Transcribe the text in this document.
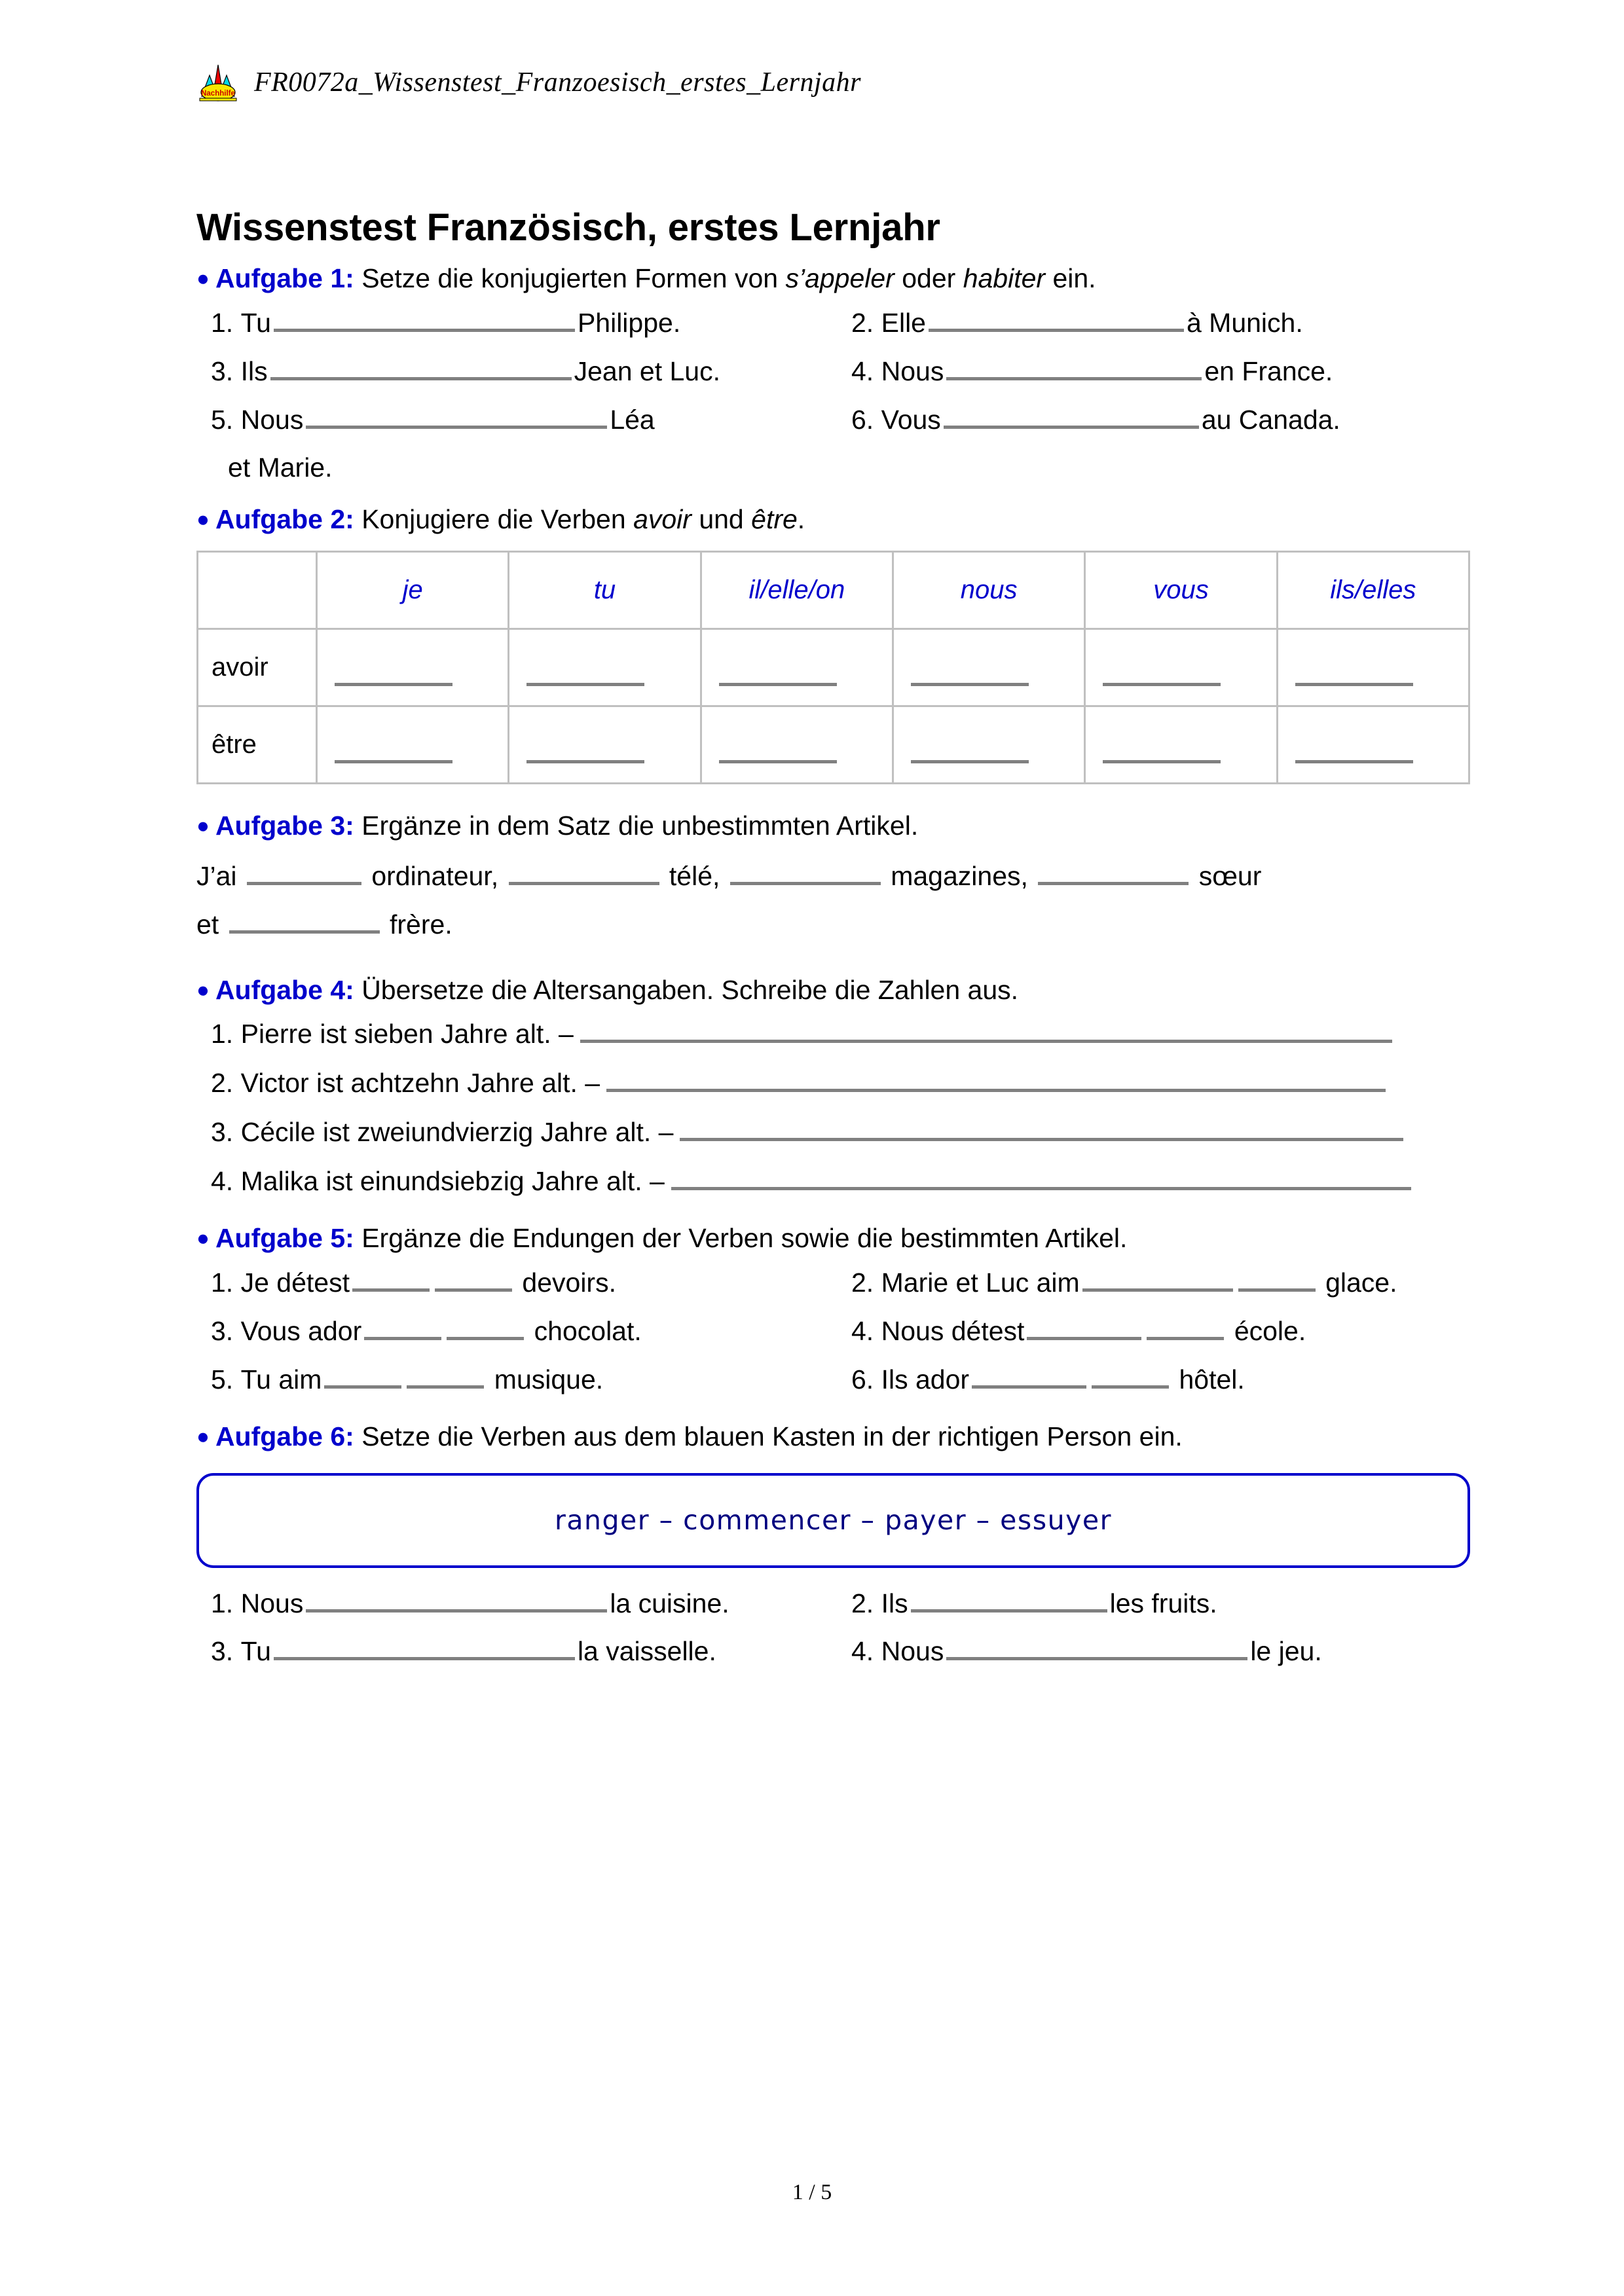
Nachhilfe FR0072a_Wissenstest_Franzoesisch_erstes_Lernjahr
Wissenstest Französisch, erstes Lernjahr

● Aufgabe 1: Setze die konjugierten Formen von s’appeler oder habiter ein.

1.
Tu	Philippe.	2.
Elle	à Munich.
3.
Ils	Jean et Luc.	4.
Nous	en France.
5.
Nous	Léa	6.
Vous	au Canada.
et Marie.

● Aufgabe 2: Konjugiere die Verben avoir und être.

	je	tu	il/elle/on	nous	vous	ils/elles
avoir						
être						

● Aufgabe 3: Ergänze in dem Satz die unbestimmten Artikel.

J’ai	ordinateur,	télé,	magazines,	sœur

et	frère.

● Aufgabe 4: Übersetze die Altersangaben. Schreibe die Zahlen aus.

1.
Pierre ist sieben Jahre alt. –
2.
Victor ist achtzehn Jahre alt. –
3.
Cécile ist zweiundvierzig Jahre alt. –
4.
Malika ist einundsiebzig Jahre alt. –

● Aufgabe 5: Ergänze die Endungen der Verben sowie die bestimmten Artikel.

1.
Je détest
	devoirs.	2.
Marie et Luc aim
	glace.
3.
Vous ador
	chocolat.	4.
Nous détest
	école.
5.
Tu aim
	musique.	6.
Ils ador
	hôtel.

● Aufgabe 6: Setze die Verben aus dem blauen Kasten in der richtigen Person ein.

ranger – commencer – payer – essuyer
1.
Nous	la cuisine.	2.
Ils	les fruits.
3.
Tu	la vaisselle.	4.
Nous	le jeu.
1 / 5
